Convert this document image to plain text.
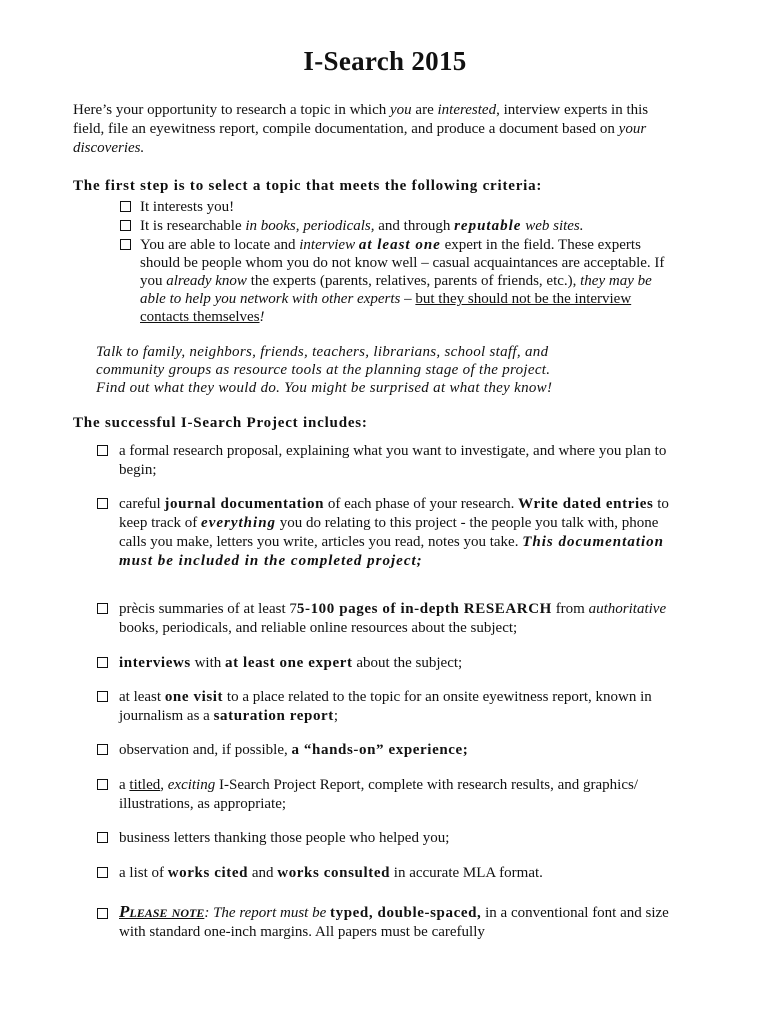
I-Search 2015

Here’s your opportunity to research a topic in which you are interested, interview experts in this field, file an eyewitness report, compile documentation, and produce a document based on your discoveries.

The first step is to select a topic that meets the following criteria:

It interests you!
It is researchable in books, periodicals, and through reputable web sites.
You are able to locate and interview at least one expert in the field. These experts should be people whom you do not know well – casual acquaintances are acceptable. If you already know the experts (parents, relatives, parents of friends, etc.), they may be able to help you network with other experts – but they should not be the interview contacts themselves!
Talk to family, neighbors, friends, teachers, librarians, school staff, and
community groups as resource tools at the planning stage of the project.
Find out what they would do. You might be surprised at what they know!

The successful I-Search Project includes:

a formal research proposal, explaining what you want to investigate, and where you plan to begin;
careful journal documentation of each phase of your research. Write dated entries to keep track of everything you do relating to this project - the people you talk with, phone calls you make, letters you write, articles you read, notes you take. This documentation must be included in the completed project;
prècis summaries of at least 75-100 pages of in-depth RESEARCH from authoritative books, periodicals, and reliable online resources about the subject;
interviews with at least one expert about the subject;
at least one visit to a place related to the topic for an onsite eyewitness report, known in journalism as a saturation report;
observation and, if possible, a “hands-on” experience;
a titled, exciting I-Search Project Report, complete with research results, and graphics/ illustrations, as appropriate;
business letters thanking those people who helped you;
a list of works cited and works consulted in accurate MLA format.
Please note: The report must be typed, double-spaced, in a conventional font and size with standard one-inch margins. All papers must be carefully
